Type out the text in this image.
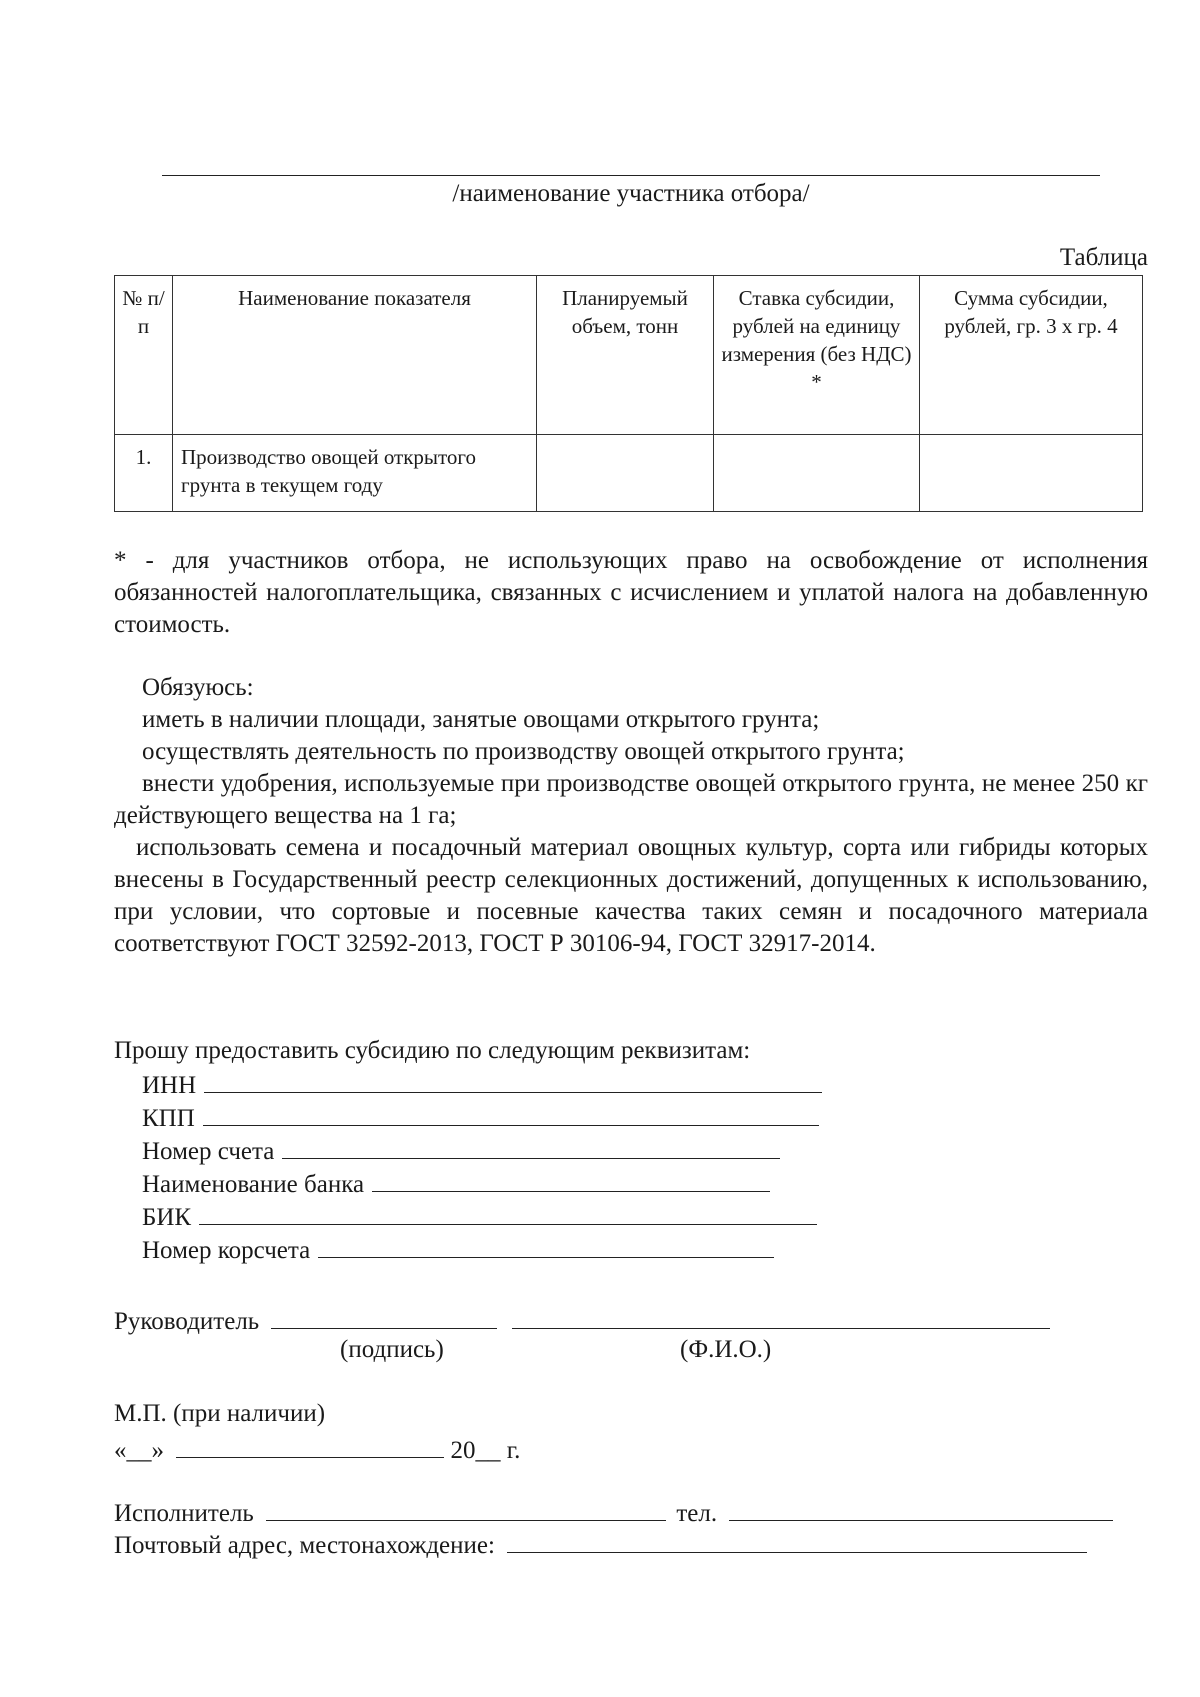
/наименование участника отбора/
Таблица
№ п/п	Наименование показателя	Планируемый объем, тонн	Ставка субсидии, рублей на единицу измерения (без НДС) *	Сумма субсидии, рублей, гр. 3 х гр. 4
1.	Производство овощей открытого грунта в текущем году			
* - для участников отбора, не использующих право на освобождение от исполнения обязанностей налогоплательщика, связанных с исчислением и уплатой налога на добавленную стоимость.

Обязуюсь:

иметь в наличии площади, занятые овощами открытого грунта;

осуществлять деятельность по производству овощей открытого грунта;

внести удобрения, используемые при производстве овощей открытого грунта, не менее 250 кг действующего вещества на 1 га;

использовать семена и посадочный материал овощных культур, сорта или гибриды которых внесены в Государственный реестр селекционных достижений, допущенных к использованию, при условии, что сортовые и посевные качества таких семян и посадочного материала соответствуют ГОСТ 32592-2013, ГОСТ Р 30106-94, ГОСТ 32917-2014.

Прошу предоставить субсидию по следующим реквизитам:
ИНН
КПП
Номер счета
Наименование банка
БИК
Номер корсчета
Руководитель
(подпись)	(Ф.И.О.)
М.П. (при наличии)
«__»	20__ г.
Исполнитель	тел.
Почтовый адрес, местонахождение:
